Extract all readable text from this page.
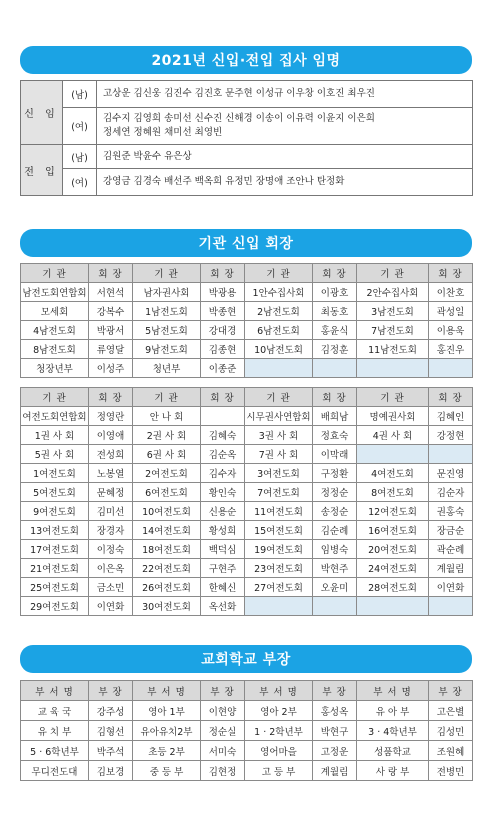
2021년 신입·전입 집사 임명
신 임	(남)	고상운 김신웅 김진수 김진호 문주현 이성규 이우창 이호진 최우진
	(여)	김수지 김영희 송미선 신수진 신해경 이송이 이유력 이윤지 이은희
정세연 정혜원 채미선 최영빈

전 입	(남)	김원준 박윤수 유은상
	(여)	강영금 김경숙 배선주 백옥희 유정민 장명애 조안나 탄정화
기관 신입 회장
기 관	회 장	기 관	회 장	기 관	회 장	기 관	회 장
남전도회연합회	서현석	남자권사회	박광용	1안수집사회	이광호	2안수집사회	이찬호
모세회	강복수	1남전도회	박종현	2남전도회	최동호	3남전도회	곽성일
4남전도회	박광서	5남전도회	강대경	6남전도회	홍윤식	7남전도회	이용욱
8남전도회	류영달	9남전도회	김종현	10남전도회	김정훈	11남전도회	홍진우
청장년부	이성주	청년부	이종준				
기 관	회 장	기 관	회 장	기 관	회 장	기 관	회 장
여전도회연합회	정영란	안 나 회		시무권사연합회	배희남	명예권사회	김혜인
1권 사 회	이영애	2권 사 회	김혜숙	3권 사 회	정효숙	4권 사 회	강정현
5권 사 회	전성희	6권 사 회	김순옥	7권 사 회	이막래		
1여전도회	노봉열	2여전도회	김수자	3여전도회	구정환	4여전도회	문진영
5여전도회	문혜정	6여전도회	황인숙	7여전도회	정정순	8여전도회	김순자
9여전도회	김미선	10여전도회	신용순	11여전도회	송정순	12여전도회	권홍숙
13여전도회	장경자	14여전도회	황성희	15여전도회	김순례	16여전도회	장금순
17여전도회	이정숙	18여전도회	백덕심	19여전도회	임병숙	20여전도회	곽순례
21여전도회	이은옥	22여전도회	구현주	23여전도회	박현주	24여전도회	계월림
25여전도회	금소민	26여전도회	한혜신	27여전도회	오윤미	28여전도회	이연화
29여전도회	이연화	30여전도회	옥선화				
교회학교 부장
부 서 명	부 장	부 서 명	부 장	부 서 명	부 장	부 서 명	부 장
교 육 국	강주성	영아 1부	이현양	영아 2부	홍성옥	유 아 부	고은별
유 치 부	김형선	유아유치2부	정순실	1 · 2학년부	박현구	3 · 4학년부	김성민
5 · 6학년부	박주석	초등 2부	서미숙	영어마을	고정운	성품학교	조원혜
무디전도대	김보경	중 등 부	김현정	고 등 부	계월림	사 랑 부	전병민
